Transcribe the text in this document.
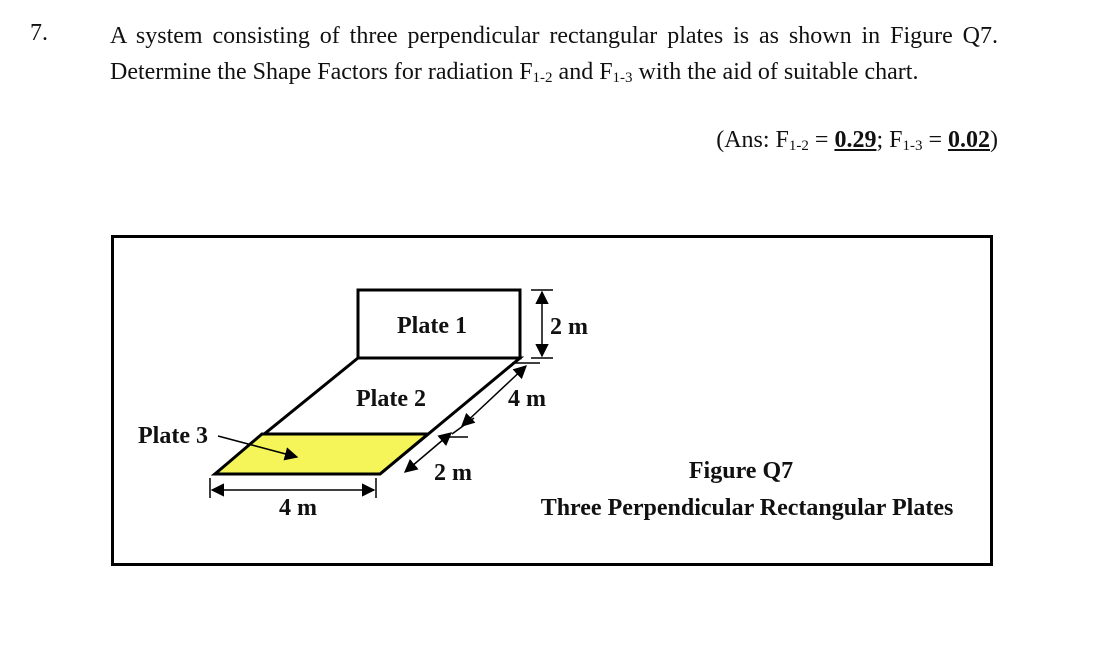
7.	A system consisting of three perpendicular rectangular plates is as shown in Figure Q7. Determine the Shape Factors for radiation $F_{1-2}$ and $F_{1-3}$ with the aid of suitable chart.
(Ans: $F_{1-2} = 0.29$; $F_{1-3} = 0.02$)
Plate 1
Plate 2
Plate 3
2 m
4 m
2 m
4 m
Figure Q7
Three Perpendicular Rectangular Plates
